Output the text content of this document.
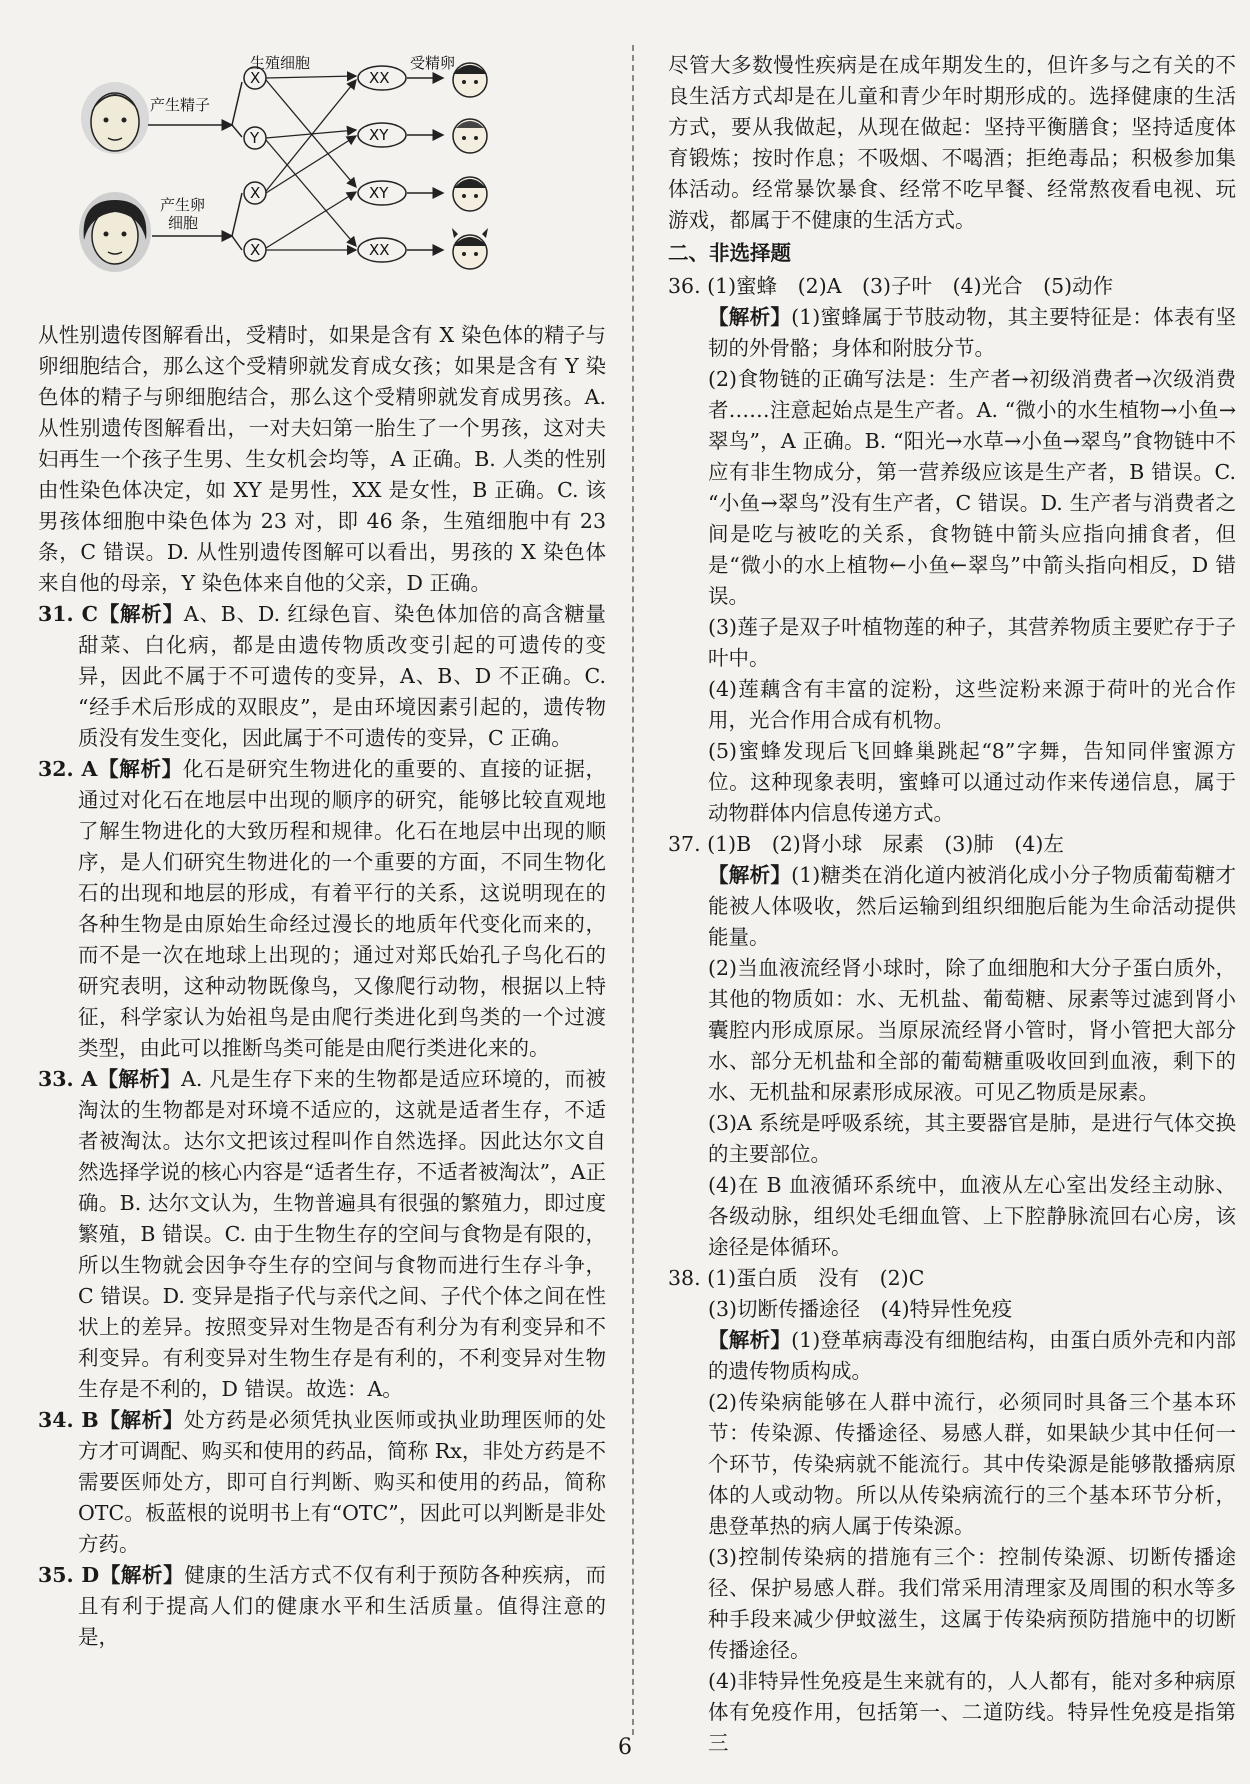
生殖细胞	受精卵
产生精子
产生卵
细胞
X
Y
X
X
XX
XY
XY
XX

从性别遗传图解看出，受精时，如果是含有 X 染色体的精子与卵细胞结合，那么这个受精卵就发育成女孩；如果是含有 Y 染色体的精子与卵细胞结合，那么这个受精卵就发育成男孩。A. 从性别遗传图解看出，一对夫妇第一胎生了一个男孩，这对夫妇再生一个孩子生男、生女机会均等，A 正确。B. 人类的性别由性染色体决定，如 XY 是男性，XX 是女性，B 正确。C. 该男孩体细胞中染色体为 23 对，即 46 条，生殖细胞中有 23 条，C 错误。D. 从性别遗传图解可以看出，男孩的 X 染色体来自他的母亲，Y 染色体来自他的父亲，D 正确。

31. C【解析】A、B、D. 红绿色盲、染色体加倍的高含糖量甜菜、白化病，都是由遗传物质改变引起的可遗传的变异，因此不属于不可遗传的变异，A、B、D 不正确。C. “经手术后形成的双眼皮”，是由环境因素引起的，遗传物质没有发生变化，因此属于不可遗传的变异，C 正确。

32. A【解析】化石是研究生物进化的重要的、直接的证据，通过对化石在地层中出现的顺序的研究，能够比较直观地了解生物进化的大致历程和规律。化石在地层中出现的顺序，是人们研究生物进化的一个重要的方面，不同生物化石的出现和地层的形成，有着平行的关系，这说明现在的各种生物是由原始生命经过漫长的地质年代变化而来的，而不是一次在地球上出现的；通过对郑氏始孔子鸟化石的研究表明，这种动物既像鸟，又像爬行动物，根据以上特征，科学家认为始祖鸟是由爬行类进化到鸟类的一个过渡类型，由此可以推断鸟类可能是由爬行类进化来的。

33. A【解析】A. 凡是生存下来的生物都是适应环境的，而被淘汰的生物都是对环境不适应的，这就是适者生存，不适者被淘汰。达尔文把该过程叫作自然选择。因此达尔文自然选择学说的核心内容是“适者生存，不适者被淘汰”，A正确。B. 达尔文认为，生物普遍具有很强的繁殖力，即过度繁殖，B 错误。C. 由于生物生存的空间与食物是有限的，所以生物就会因争夺生存的空间与食物而进行生存斗争，C 错误。D. 变异是指子代与亲代之间、子代个体之间在性状上的差异。按照变异对生物是否有利分为有利变异和不利变异。有利变异对生物生存是有利的，不利变异对生物生存是不利的，D 错误。故选：A。

34. B【解析】处方药是必须凭执业医师或执业助理医师的处方才可调配、购买和使用的药品，简称 Rx，非处方药是不需要医师处方，即可自行判断、购买和使用的药品，简称 OTC。板蓝根的说明书上有“OTC”，因此可以判断是非处方药。

35. D【解析】健康的生活方式不仅有利于预防各种疾病，而且有利于提高人们的健康水平和生活质量。值得注意的是，

尽管大多数慢性疾病是在成年期发生的，但许多与之有关的不良生活方式却是在儿童和青少年时期形成的。选择健康的生活方式，要从我做起，从现在做起：坚持平衡膳食；坚持适度体育锻炼；按时作息；不吸烟、不喝酒；拒绝毒品；积极参加集体活动。经常暴饮暴食、经常不吃早餐、经常熬夜看电视、玩游戏，都属于不健康的生活方式。

二、非选择题

36. (1)蜜蜂　(2)A　(3)子叶　(4)光合　(5)动作

【解析】(1)蜜蜂属于节肢动物，其主要特征是：体表有坚韧的外骨骼；身体和附肢分节。

(2)食物链的正确写法是：生产者→初级消费者→次级消费者……注意起始点是生产者。A. “微小的水生植物→小鱼→翠鸟”，A 正确。B. “阳光→水草→小鱼→翠鸟”食物链中不应有非生物成分，第一营养级应该是生产者，B 错误。C. “小鱼→翠鸟”没有生产者，C 错误。D. 生产者与消费者之间是吃与被吃的关系，食物链中箭头应指向捕食者，但是“微小的水上植物←小鱼←翠鸟”中箭头指向相反，D 错误。

(3)莲子是双子叶植物莲的种子，其营养物质主要贮存于子叶中。

(4)莲藕含有丰富的淀粉，这些淀粉来源于荷叶的光合作用，光合作用合成有机物。

(5)蜜蜂发现后飞回蜂巢跳起“8”字舞，告知同伴蜜源方位。这种现象表明，蜜蜂可以通过动作来传递信息，属于动物群体内信息传递方式。

37. (1)B　(2)肾小球　尿素　(3)肺　(4)左

【解析】(1)糖类在消化道内被消化成小分子物质葡萄糖才能被人体吸收，然后运输到组织细胞后能为生命活动提供能量。

(2)当血液流经肾小球时，除了血细胞和大分子蛋白质外，其他的物质如：水、无机盐、葡萄糖、尿素等过滤到肾小囊腔内形成原尿。当原尿流经肾小管时，肾小管把大部分水、部分无机盐和全部的葡萄糖重吸收回到血液，剩下的水、无机盐和尿素形成尿液。可见乙物质是尿素。

(3)A 系统是呼吸系统，其主要器官是肺，是进行气体交换的主要部位。

(4)在 B 血液循环系统中，血液从左心室出发经主动脉、各级动脉，组织处毛细血管、上下腔静脉流回右心房，该途径是体循环。

38. (1)蛋白质　没有　(2)C

(3)切断传播途径　(4)特异性免疫

【解析】(1)登革病毒没有细胞结构，由蛋白质外壳和内部的遗传物质构成。

(2)传染病能够在人群中流行，必须同时具备三个基本环节：传染源、传播途径、易感人群，如果缺少其中任何一个环节，传染病就不能流行。其中传染源是能够散播病原体的人或动物。所以从传染病流行的三个基本环节分析，患登革热的病人属于传染源。

(3)控制传染病的措施有三个：控制传染源、切断传播途径、保护易感人群。我们常采用清理家及周围的积水等多种手段来减少伊蚊滋生，这属于传染病预防措施中的切断传播途径。

(4)非特异性免疫是生来就有的，人人都有，能对多种病原体有免疫作用，包括第一、二道防线。特异性免疫是指第三

6
